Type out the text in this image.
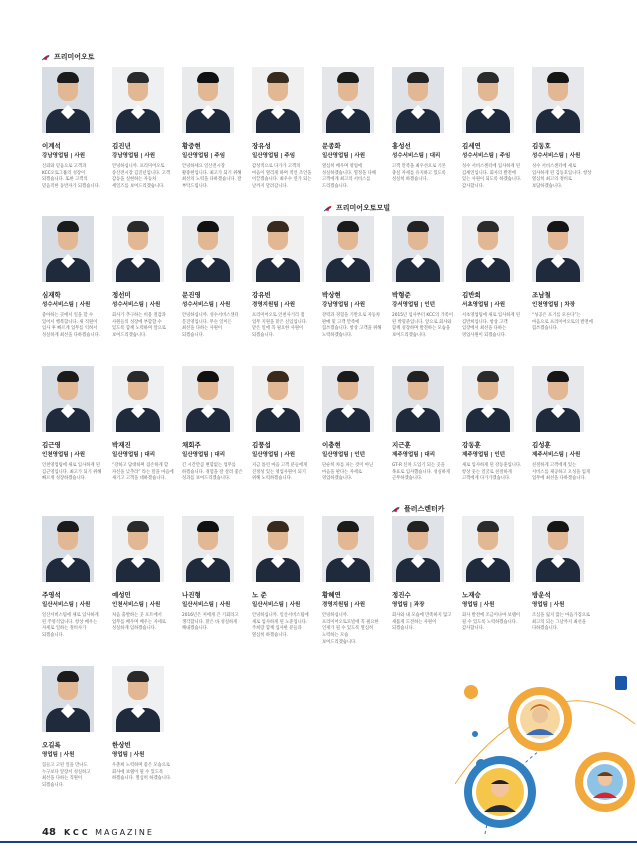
프리미어오토
프리미어오토모빌
플러스렌터카
이계석
강남영업팀 | 사원
신뢰와 믿음으로 고객과 KCC오토그룹의 성장이 되겠습니다. 또한 고객의 믿음직한 동반자가 되겠습니다.
김진년
강남영업팀 | 사원
안녕하십니까. 프리미어오토 송산전시장 김진년입니다. 고객 감동을 실현하는 자동차 세일즈를 보여드리겠습니다.
황중현
일산영업팀 | 주임
안녕하세요 일산전시장 황중현입니다. 최고가 되기 위해 최선의 노력을 다하겠습니다. 잘 부탁드립니다.
장유성
일산영업팀 | 주임
감성적으로 다가가 고객의 마음이 열리게 하며 적인 조언을 이끌겠습니다. 최우수 연가 되는 날까지 달려갑니다.
문종화
일산영업팀 | 사원
열심히 배우며 영업에 성실하겠습니다. 열정을 다해 고객에게 최고의 서비스를 드리겠습니다.
홍성선
성수서비스팀 | 대리
고객 만족을 최우선으로 기본 충실 자세를 유지하고 있도록 성실히 하겠습니다.
김세연
성수서비스팀 | 주임
성수 서비스센터에 입사하게 된 김세연입니다. 회사의 발전에 있는 사원이 되도록 하겠습니다. 감사합니다.
김동호
성수서비스팀 | 사원
성수 서비스센터에 새로 입사하게 된 김동호입니다. 항상 열심히 최고의 정비로 보답하겠습니다.
심재학
성수서비스팀 | 사원
좋아하는 곳에서 일을 할 수 있어서 행복합니다. 새 직원이 입사 후 빠르게 업무를 익혀서 성실하게 최선을 다하겠습니다.
정선미
성수서비스팀 | 사원
회사가 추구하는 비용 절감과 사원들의 성장에 부합할 수 있도록 함께 노력하며 앞으로 보여드리겠습니다.
문진영
성수서비스팀 | 사원
안녕하십니까. 성수서비스센터 문진영입니다. 무슨 일이든 최선을 다하는 사원이 되겠습니다.
강유빈
경영지원팀 | 사원
프리미어오토 인천사거리 점 업무 지원을 맡은 신입입니다. 맡은 일에 꼭 필요한 사원이 되겠습니다.
박상현
강남영업팀 | 사원
강력과 경험을 기반으로 자동차 판매 및 고객 만족에 힘쓰겠습니다. 항상 고객을 위해 노력하겠습니다.
박형준
강서영업팀 | 인턴
2015년 입사부터 KCC의 가족이 된 박형준입니다. 앞으로 회사와 함께 성장하며 발전하는 모습을 보여드리겠습니다.
김반희
서초영업팀 | 사원
서초영업팀에 새로 입사하게 된 김반희입니다. 항상 고객 입장에서 최선을 다하는 영업사원이 되겠습니다.
조남철
인천영업팀 | 차장
“성공은 포기를 모른다”는 마음으로 프리미어오토의 발전에 힘쓰겠습니다.
김근영
인천영업팀 | 사원
인천영업팀에 새로 입사하게 된 김근영입니다. 최고가 되기 위해 빠르게 성장하겠습니다.
박재진
일산영업팀 | 대리
“강하고 담대하며 겸손하게 할 자신을 낮추라” 라는 말을 마음에 새기고 고객을 대하겠습니다.
채회주
일산영업팀 | 대리
긴 시간만큼 변함없는 업무를 하겠습니다. 경험을 잘 살려 좋은 성과를 보여드리겠습니다.
김풍섭
일산영업팀 | 사원
지금 틀린 마음 고객 분들에게 진정성 있는 영업사원이 되기 위해 노력하겠습니다.
이충현
일산영업팀 | 인턴
단순히 차를 파는 것이 아닌 마음을 판다는 자세로 영업하겠습니다.
지근훈
제주영업팀 | 대리
GT-R 신차 도입기 되는 곳을 목표로 입사했습니다. 성실하게 근무하겠습니다.
강동훈
제주영업팀 | 인턴
새로 입사하게 된 강동훈입니다. 항상 웃는 얼굴로 친절하게 고객에게 다가가겠습니다.
김성훈
제주서비스팀 | 사원
친절하게 고객에게 있는 서비스를 제공하고 오성을 입게 업무에 최선을 다하겠습니다.
주영석
일산서비스팀 | 사원
일산서비스팀에 새로 입사하게 된 주영석입니다. 항상 배우는 자세로 일하는 정비사가 되겠습니다.
예성민
인천서비스팀 | 사원
처음 출발하는 곳 포트에서 업무를 배우며 배우는 자세로 성실하게 임하겠습니다.
나진형
일산서비스팀 | 사원
2016년은 저에게 큰 기회라고 생각합니다. 맡은 바 성실하게 해내겠습니다.
노 준
일산서비스팀 | 사원
안녕하십니까. 일산서비스팀에 새로 입사하게 된 노준입니다. 주희랑 함께 입사한 분들과 열심히 하겠습니다.
황혜연
경영지원팀 | 사원
안녕하십니까. 프리미어오토모빌에 꼭 필요한 인재가 될 수 있도록 열심히 노력하는 모습 보여드리겠습니다.
정진수
영업팀 | 과장
회사와 내 모습에 만족하지 않고 새롭게 도전하는 사원이 되겠습니다.
노재승
영업팀 | 사원
회사 발전에 조금이나마 보탬이 될 수 있도록 노력하겠습니다. 감사합니다.
방운석
영업팀 | 사원
조심을 잃지 않는 마음가짐으로 최고의 되는 그날까지 최선을 다하겠습니다.
오길록
영업팀 | 사원
힘들고 고된 일을 만나도 누구보다 앞장서 성실하고 최선을 다하는 직원이 되겠습니다.
한상빈
영업팀 | 사원
우춘희 노력하며 좋은 모습으로 회사에 보탬이 될 수 있도록 하겠습니다. 열심히 하겠습니다.
48 KCC MAGAZINE
